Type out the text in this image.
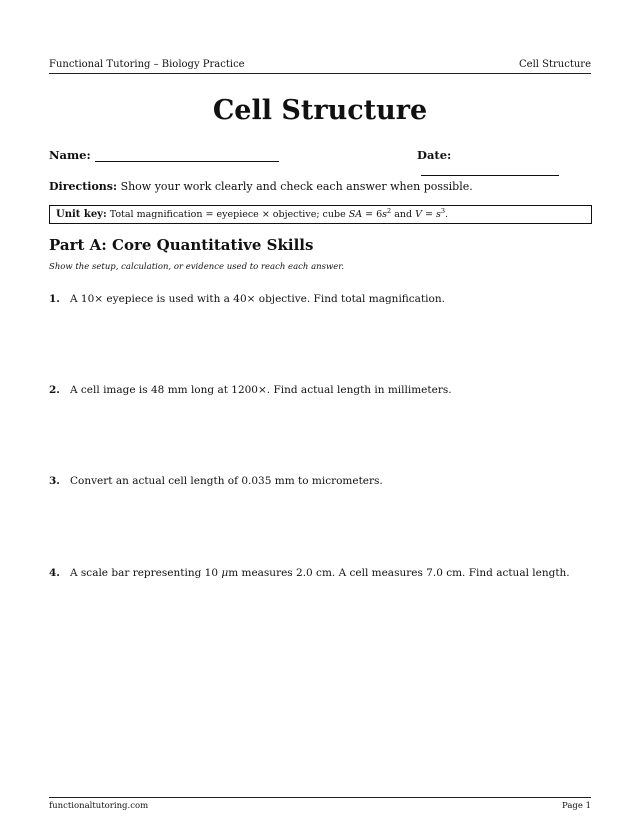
Functional Tutoring – Biology Practice	Cell Structure
Cell Structure
Name:	Date:
Directions: Show your work clearly and check each answer when possible.
Unit key: Total magnification = eyepiece × objective; cube SA = $6s^2$ and $V = s^3$.
Part A: Core Quantitative Skills
Show the setup, calculation, or evidence used to reach each answer.
1. A 10× eyepiece is used with a 40× objective. Find total magnification.
2. A cell image is 48 mm long at 1200×. Find actual length in millimeters.
3. Convert an actual cell length of 0.035 mm to micrometers.
4. A scale bar representing 10 μm measures 2.0 cm. A cell measures 7.0 cm. Find actual length.
functionaltutoring.com	Page 1
